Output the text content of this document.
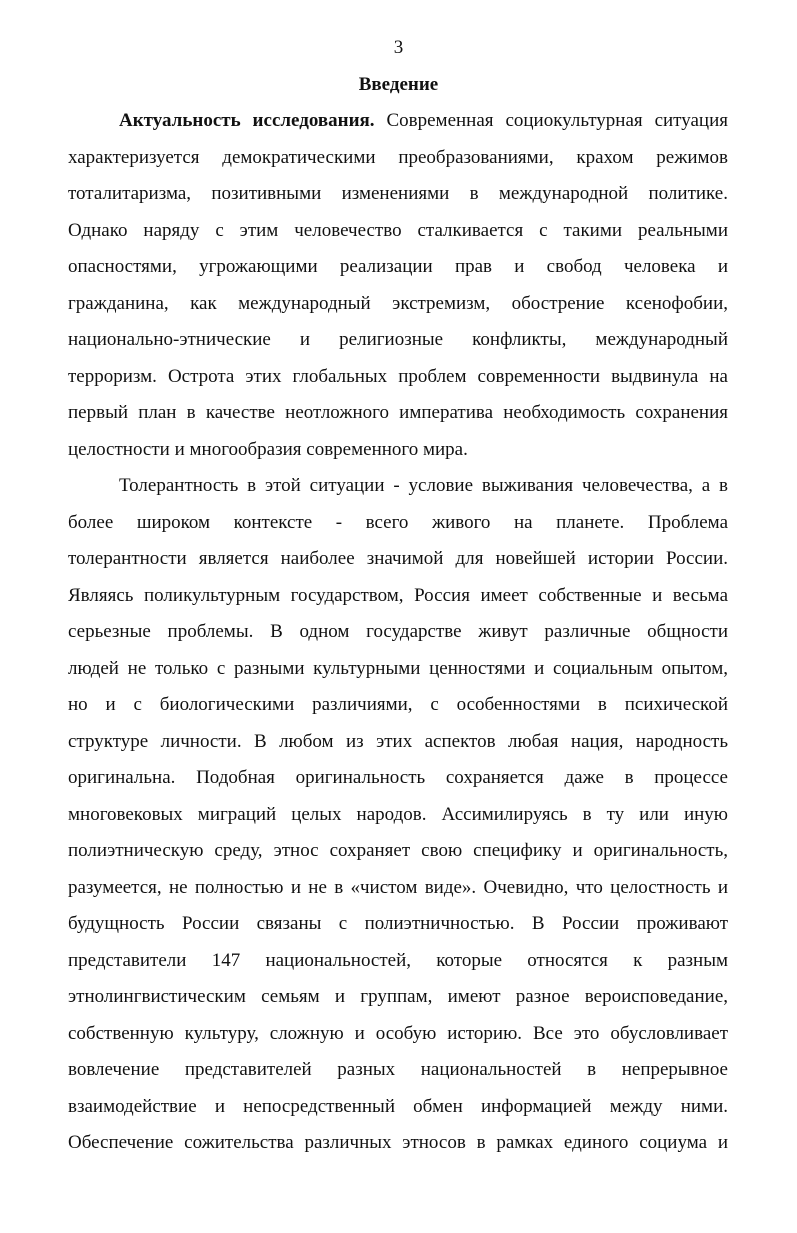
3
Введение
Актуальность исследования. Современная социокультурная ситуация
характеризуется демократическими преобразованиями, крахом режимов
тоталитаризма, позитивными изменениями в международной политике.
Однако наряду с этим человечество сталкивается с такими реальными
опасностями, угрожающими реализации прав и свобод человека и
гражданина, как международный экстремизм, обострение ксенофобии,
национально-этнические и религиозные конфликты, международный
терроризм. Острота этих глобальных проблем современности выдвинула на
первый план в качестве неотложного императива необходимость сохранения
целостности и многообразия современного мира.
Толерантность в этой ситуации - условие выживания человечества, а в
более широком контексте - всего живого на планете. Проблема
толерантности является наиболее значимой для новейшей истории России.
Являясь поликультурным государством, Россия имеет собственные и весьма
серьезные проблемы. В одном государстве живут различные общности
людей не только с разными культурными ценностями и социальным опытом,
но и с биологическими различиями, с особенностями в психической
структуре личности. В любом из этих аспектов любая нация, народность
оригинальна. Подобная оригинальность сохраняется даже в процессе
многовековых миграций целых народов. Ассимилируясь в ту или иную
полиэтническую среду, этнос сохраняет свою специфику и оригинальность,
разумеется, не полностью и не в «чистом виде». Очевидно, что целостность и
будущность России связаны с полиэтничностью. В России проживают
представители 147 национальностей, которые относятся к разным
этнолингвистическим семьям и группам, имеют разное вероисповедание,
собственную культуру, сложную и особую историю. Все это обусловливает
вовлечение представителей разных национальностей в непрерывное
взаимодействие и непосредственный обмен информацией между ними.
Обеспечение сожительства различных этносов в рамках единого социума и
